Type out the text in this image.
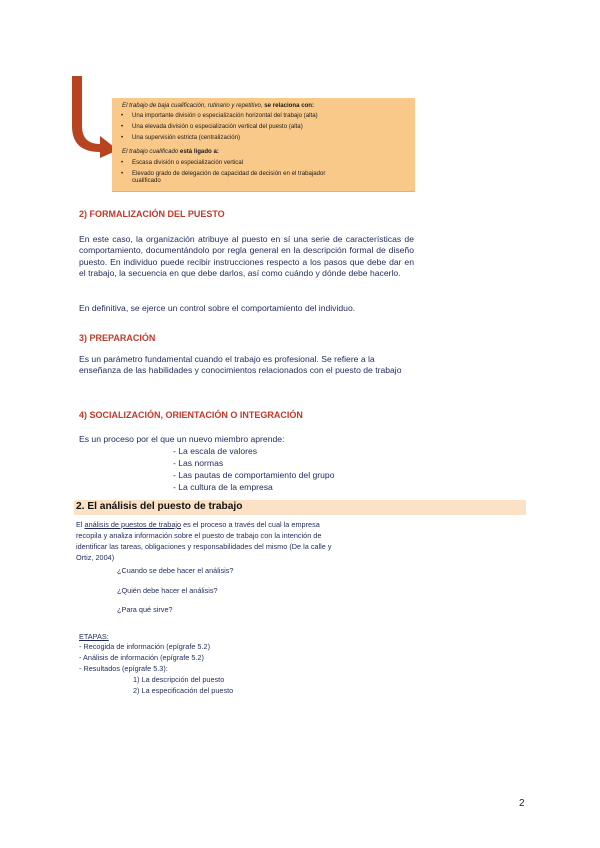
El trabajo de baja cualificación, rutinario y repetitivo, se relaciona con:
• Una importante división o especialización horizontal del trabajo (alta)
• Una elevada división o especialización vertical del puesto (alta)
• Una supervisión estricta (centralización)
El trabajo cualificado está ligado a:
• Escasa división o especialización vertical
• Elevado grado de delegación de capacidad de decisión en el trabajador
cualificado
2) FORMALIZACIÓN DEL PUESTO
En este caso, la organización atribuye al puesto en sí una serie de características de comportamiento, documentándolo por regla general en la descripción formal de diseño puesto. En individuo puede recibir instrucciones respecto a los pasos que debe dar en el trabajo, la secuencia en que debe darlos, así como cuándo y dónde debe hacerlo.
En definitiva, se ejerce un control sobre el comportamiento del individuo.
3) PREPARACIÓN
Es un parámetro fundamental cuando el trabajo es profesional. Se refiere a la enseñanza de las habilidades y conocimientos relacionados con el puesto de trabajo
4) SOCIALIZACIÓN, ORIENTACIÓN O INTEGRACIÓN
Es un proceso por el que un nuevo miembro aprende:
- La escala de valores
- Las normas
- Las pautas de comportamiento del grupo
- La cultura de la empresa
2. El análisis del puesto de trabajo
El análisis de puestos de trabajo es el proceso a través del cual la empresa
recopila y analiza información sobre el puesto de trabajo con la intención de
identificar las tareas, obligaciones y responsabilidades del mismo (De la calle y
Ortiz, 2004)
¿Cuando se debe hacer el análisis?
¿Quién debe hacer el análisis?
¿Para qué sirve?
ETAPAS:
- Recogida de información (epígrafe 5.2)
- Análisis de información (epígrafe 5.2)
- Resultados (epígrafe 5.3):
1) La descripción del puesto
2) La especificación del puesto
2
